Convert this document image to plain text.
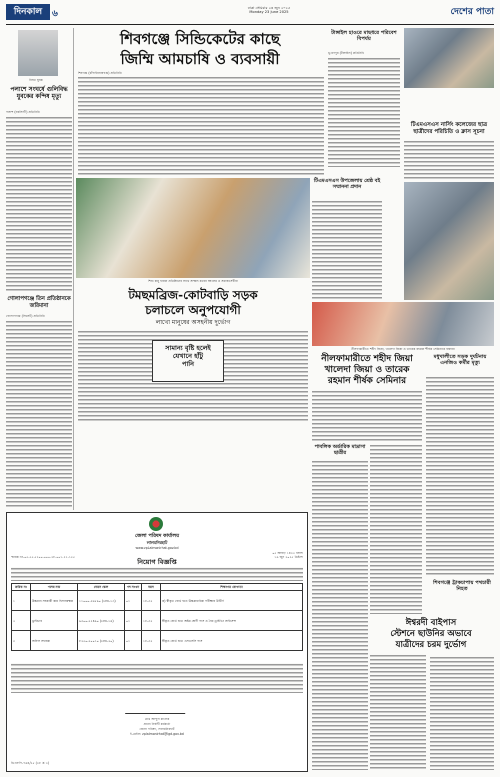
দিনকাল	৬
ঢাকা সোমবার ২৩ জুন ২০২৫
Monday 23 June 2025	দেশের পাতা
নিহত যুবক
পলাশে সংঘর্ষে গুলিবিদ্ধ যুবকের কন্দিষ মৃত্যু
পলাশ (নরসিংদী) প্রতিনিধি
গোলাপগঞ্জে তিন প্রতিষ্ঠানকে জরিমানা
গোলাপগঞ্জ (সিলেট) প্রতিনিধি
শিবগঞ্জে সিন্ডিকেটের কাছে
জিম্মি আমচাষি ও ব্যবসায়ী
শিবগঞ্জ (চাঁপাইনবাবগঞ্জ) প্রতিনিধি
টাঙ্গাইল হাওরে মাছধরে পরিবেশ বিপর্যয়
ভূঞাপুর (টাঙ্গাইল) প্রতিনিধি
টিএমএসএস নার্সিং কলেজের ছাত্র ছাত্রীদের পরিচিতি ও ক্লাস সূচনা
শিশু রামু হারান প্রতিষ্ঠানের সাথে সাক্ষাৎ করেন আলেম ও সমাজসেবীরা
টিএমএসএস উপজেলায় শ্রেষ্ঠ বই সম্মাননা প্রদান
টমছমব্রিজ-কোটবাড়ি সড়ক
চলাচলে অনুপযোগী
লাখো মানুষের অসহনীয় দুর্ভোগ
সামান্য বৃষ্টি হলেই
যেখানে হাঁটু
পানি
নীলফামারীতে শহীদ জিয়া, খালেদা জিয়া ও তারেক রহমান শীর্ষক সেমিনারে বক্তারা
নীলফামারীতে শহীদ জিয়া
খালেদা জিয়া ও তারেক
রহমান শীর্ষক সেমিনার
মধুখালীতে সড়ক দুর্ঘটনায় এনজিও কর্মীর মৃত্যু
পাবলিক অর্ডারিক মাদ্রাসা ছাত্রীর
ঈশ্বরদী বাইপাস
স্টেশনে ছাউনির অভাবে
যাত্রীদের চরম দুর্ভোগ
শিবগঞ্জে ট্রাকচাপায় পথচারী নিহত
জেলা পরিষদ কার্যালয়
লালমনিরহাট
www.zpLalmonirhat.gov.bd
স্মারক নং-০৫.৫৫.৫২০০.০০০.২৮.০০১.২১-১২৫
০৫ আষাঢ় ১৪৩২ বঙ্গাব্দ
১৯ জুন ২০২৫ খ্রিষ্টাব্দ
নিয়োগ বিজ্ঞপ্তি
ক্রমিক নং	পদের নাম	বেতন স্কেল	পদ সংখ্যা	বয়স	শিক্ষাগত যোগ্যতা
১	উচ্চমান সহকারী কাম হিসাবরক্ষক	১১০০০-২৬৫৯০ (গ্রেড-১৩)	০১	১৮-৩২	ক) স্বীকৃত বোর্ড হতে উচ্চমাধ্যমিক পরীক্ষায় উত্তীর্ণ
২	ড্রাইভার	৯৩০০-২২৪৯০ (গ্রেড-১৬)	০১	১৮-৩২	স্বীকৃত বোর্ড হতে অষ্টম শ্রেণী পাস ও বৈধ ড্রাইভিং লাইসেন্স
৩	অফিস সহায়ক	৮২৫০-২০০১০ (গ্রেড-২০)	০১	১৮-৩২	স্বীকৃত বোর্ড হতে এসএসসি পাস
মোঃ আব্দুল মালেক
প্রধান নির্বাহী কর্মকর্তা
জেলা পরিষদ, লালমনিরহাট
ই-মেইল: zplalmonirhat@lgd.gov.bd
ডিএফপি-৭৬৪/২৫ (৩৮ × ৩)
